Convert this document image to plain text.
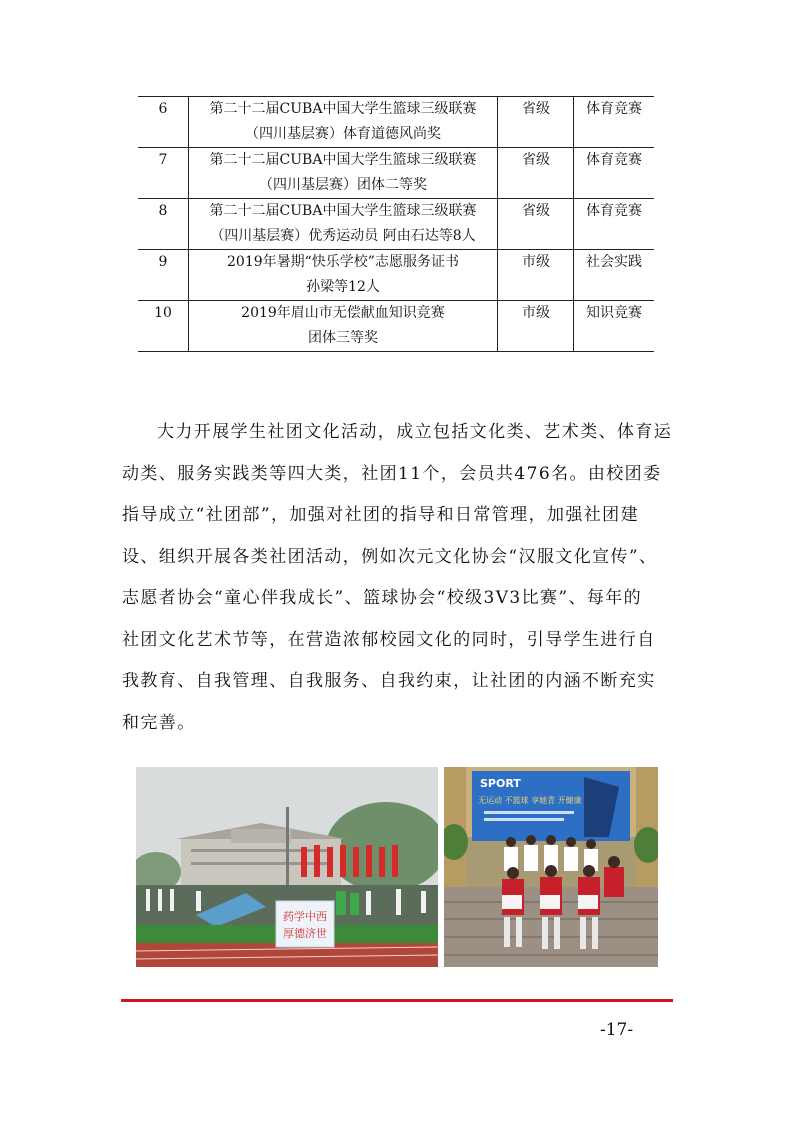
6	第二十二届CUBA中国大学生篮球三级联赛
（四川基层赛）体育道德风尚奖	省级	体育竞赛
7	第二十二届CUBA中国大学生篮球三级联赛
（四川基层赛）团体二等奖	省级	体育竞赛
8	第二十二届CUBA中国大学生篮球三级联赛
（四川基层赛）优秀运动员 阿由石达等8人	省级	体育竞赛
9	2019年暑期“快乐学校”志愿服务证书
孙梁等12人	市级	社会实践
10	2019年眉山市无偿献血知识竞赛
团体三等奖	市级	知识竞赛

大力开展学生社团文化活动，成立包括文化类、艺术类、体育运
动类、服务实践类等四大类，社团11个，会员共476名。由校团委
指导成立“社团部”，加强对社团的指导和日常管理，加强社团建
设、组织开展各类社团活动，例如次元文化协会“汉服文化宣传”、
志愿者协会“童心伴我成长”、篮球协会“校级3V3比赛”、每年的
社团文化艺术节等，在营造浓郁校园文化的同时，引导学生进行自
我教育、自我管理、自我服务、自我约束，让社团的内涵不断充实
和完善。

药学中西
厚德济世
SPORT
无运动 不篮球 享她青 开健康
-17-
